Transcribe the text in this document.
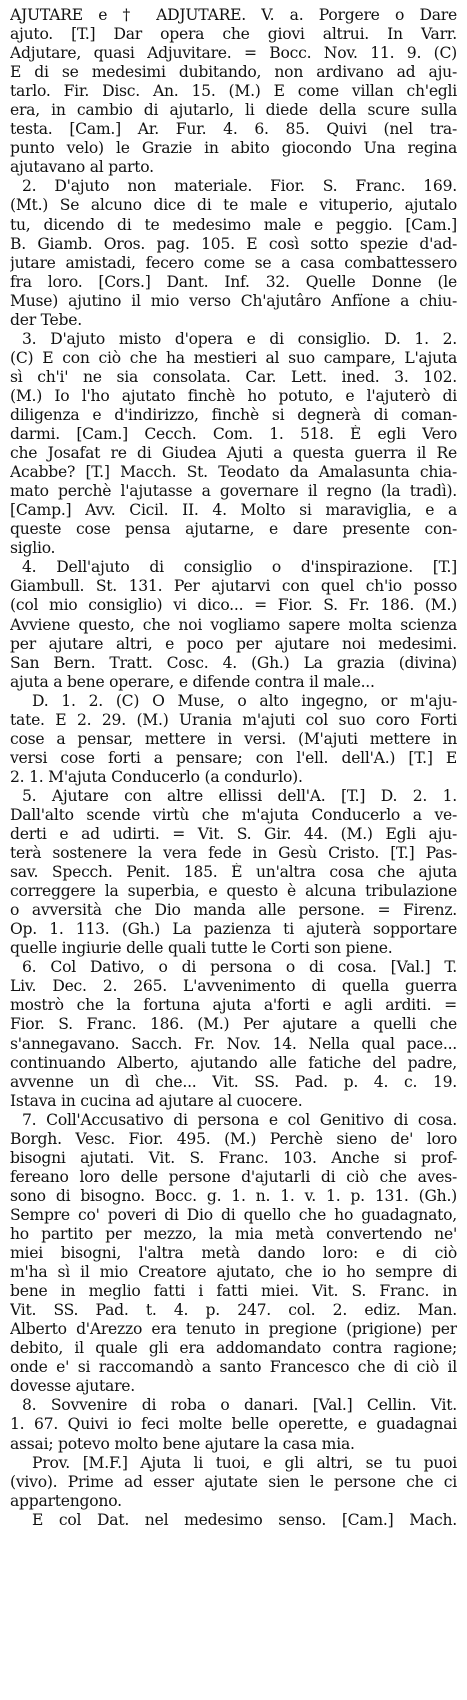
AJUTARE e † ADJUTARE. V. a. Porgere o Dare
ajuto. [T.] Dar opera che giovi altrui. In Varr.
Adjutare, quasi Adjuvitare. = Bocc. Nov. 11. 9. (C)
E di se medesimi dubitando, non ardivano ad aju-
tarlo. Fir. Disc. An. 15. (M.) E come villan ch'egli
era, in cambio di ajutarlo, li diede della scure sulla
testa. [Cam.] Ar. Fur. 4. 6. 85. Quivi (nel tra-
punto velo) le Grazie in abito giocondo Una regina
ajutavano al parto.
2. D'ajuto non materiale. Fior. S. Franc. 169.
(Mt.) Se alcuno dice di te male e vituperio, ajutalo
tu, dicendo di te medesimo male e peggio. [Cam.]
B. Giamb. Oros. pag. 105. E così sotto spezie d'ad-
jutare amistadi, fecero come se a casa combattessero
fra loro. [Cors.] Dant. Inf. 32. Quelle Donne (le
Muse) ajutino il mio verso Ch'ajutâro Anfïone a chiu-
der Tebe.
3. D'ajuto misto d'opera e di consiglio. D. 1. 2.
(C) E con ciò che ha mestieri al suo campare, L'ajuta
sì ch'i' ne sia consolata. Car. Lett. ined. 3. 102.
(M.) Io l'ho ajutato finchè ho potuto, e l'ajuterò di
diligenza e d'indirizzo, finchè si degnerà di coman-
darmi. [Cam.] Cecch. Com. 1. 518. È egli Vero
che Josafat re di Giudea Ajuti a questa guerra il Re
Acabbe? [T.] Macch. St. Teodato da Amalasunta chia-
mato perchè l'ajutasse a governare il regno (la tradì).
[Camp.] Avv. Cicil. II. 4. Molto si maraviglia, e a
queste cose pensa ajutarne, e dare presente con-
siglio.
4. Dell'ajuto di consiglio o d'inspirazione. [T.]
Giambull. St. 131. Per ajutarvi con quel ch'io posso
(col mio consiglio) vi dico... = Fior. S. Fr. 186. (M.)
Avviene questo, che noi vogliamo sapere molta scienza
per ajutare altri, e poco per ajutare noi medesimi.
San Bern. Tratt. Cosc. 4. (Gh.) La grazia (divina)
ajuta a bene operare, e difende contra il male...
D. 1. 2. (C) O Muse, o alto ingegno, or m'aju-
tate. E 2. 29. (M.) Urania m'ajuti col suo coro Forti
cose a pensar, mettere in versi. (M'ajuti mettere in
versi cose forti a pensare; con l'ell. dell'A.) [T.] E
2. 1. M'ajuta Conducerlo (a condurlo).
5. Ajutare con altre ellissi dell'A. [T.] D. 2. 1.
Dall'alto scende virtù che m'ajuta Conducerlo a ve-
derti e ad udirti. = Vit. S. Gir. 44. (M.) Egli aju-
terà sostenere la vera fede in Gesù Cristo. [T.] Pas-
sav. Specch. Penit. 185. È un'altra cosa che ajuta
correggere la superbia, e questo è alcuna tribulazione
o avversità che Dio manda alle persone. = Firenz.
Op. 1. 113. (Gh.) La pazienza ti ajuterà sopportare
quelle ingiurie delle quali tutte le Corti son piene.
6. Col Dativo, o di persona o di cosa. [Val.] T.
Liv. Dec. 2. 265. L'avvenimento di quella guerra
mostrò che la fortuna ajuta a'forti e agli arditi. =
Fior. S. Franc. 186. (M.) Per ajutare a quelli che
s'annegavano. Sacch. Fr. Nov. 14. Nella qual pace...
continuando Alberto, ajutando alle fatiche del padre,
avvenne un dì che... Vit. SS. Pad. p. 4. c. 19.
Istava in cucina ad ajutare al cuocere.
7. Coll'Accusativo di persona e col Genitivo di cosa.
Borgh. Vesc. Fior. 495. (M.) Perchè sieno de' loro
bisogni ajutati. Vit. S. Franc. 103. Anche si prof-
fereano loro delle persone d'ajutarli di ciò che aves-
sono di bisogno. Bocc. g. 1. n. 1. v. 1. p. 131. (Gh.)
Sempre co' poveri di Dio di quello che ho guadagnato,
ho partito per mezzo, la mia metà convertendo ne'
miei bisogni, l'altra metà dando loro: e di ciò
m'ha sì il mio Creatore ajutato, che io ho sempre di
bene in meglio fatti i fatti miei. Vit. S. Franc. in
Vit. SS. Pad. t. 4. p. 247. col. 2. ediz. Man.
Alberto d'Arezzo era tenuto in pregione (prigione) per
debito, il quale gli era addomandato contra ragione;
onde e' si raccomandò a santo Francesco che di ciò il
dovesse ajutare.
8. Sovvenire di roba o danari. [Val.] Cellin. Vit.
1. 67. Quivi io feci molte belle operette, e guadagnai
assai; potevo molto bene ajutare la casa mia.
Prov. [M.F.] Ajuta li tuoi, e gli altri, se tu puoi
(vivo). Prime ad esser ajutate sien le persone che ci
appartengono.
E col Dat. nel medesimo senso. [Cam.] Mach.
